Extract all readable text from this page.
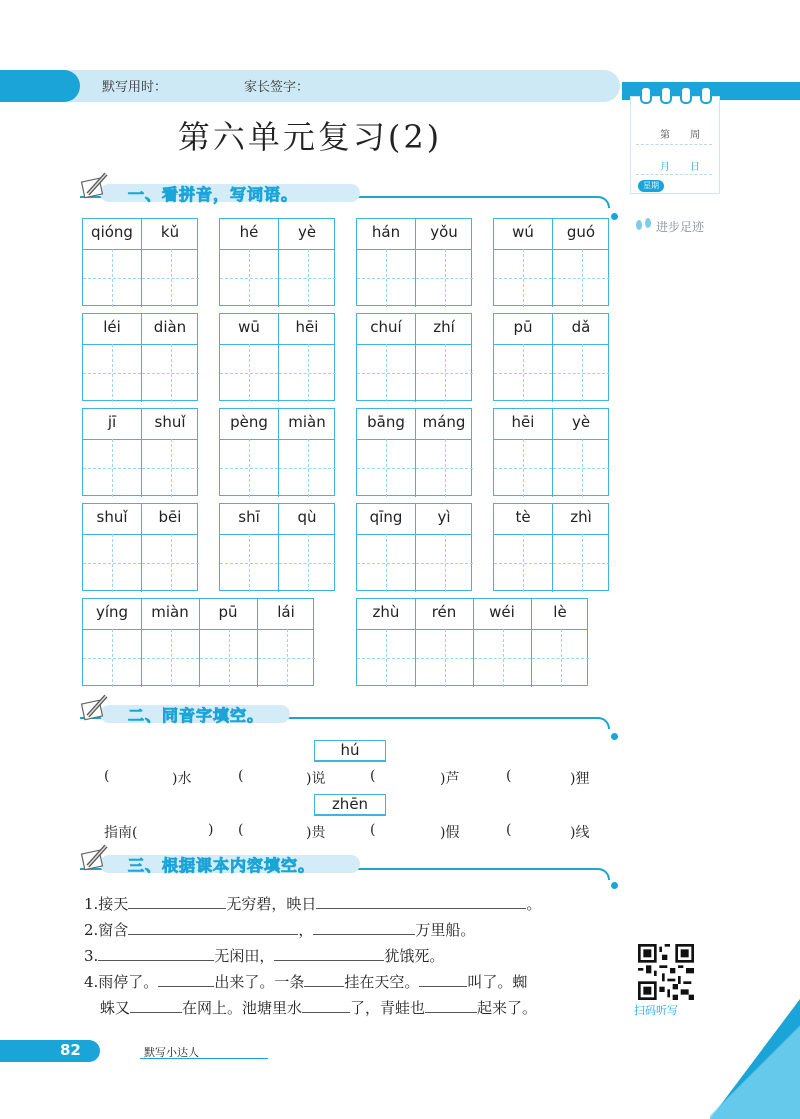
默写用时：	家长签字：
第　　周
月　　日
星期
进步足迹
第六单元复习(2)
一、看拼音，写词语。
qióng	kǔ	hé	yè	hán	yǒu	wú	guó
léi	diàn	wū	hēi	chuí	zhí	pū	dǎ
jī	shuǐ	pèng	miàn	bāng	máng	hēi	yè
shuǐ	bēi	shī	qù	qīng	yì	tè	zhì
yíng	miàn	pū	lái	zhù	rén	wéi	lè
二、同音字填空。
hú
(	)水	(	)说	(	)芦	(	)狸
zhēn
指南(	) (	)贵	(	)假	(	)线
三、根据课本内容填空。
1.接天	无穷碧，映日	。
2.窗含	，	万里船。
3.	无闲田，	犹饿死。
4.雨停了。	出来了。一条	挂在天空。	叫了。蜘
蛛又	在网上。池塘里水	了，青蛙也	起来了。	扫码听写
82	默写小达人
